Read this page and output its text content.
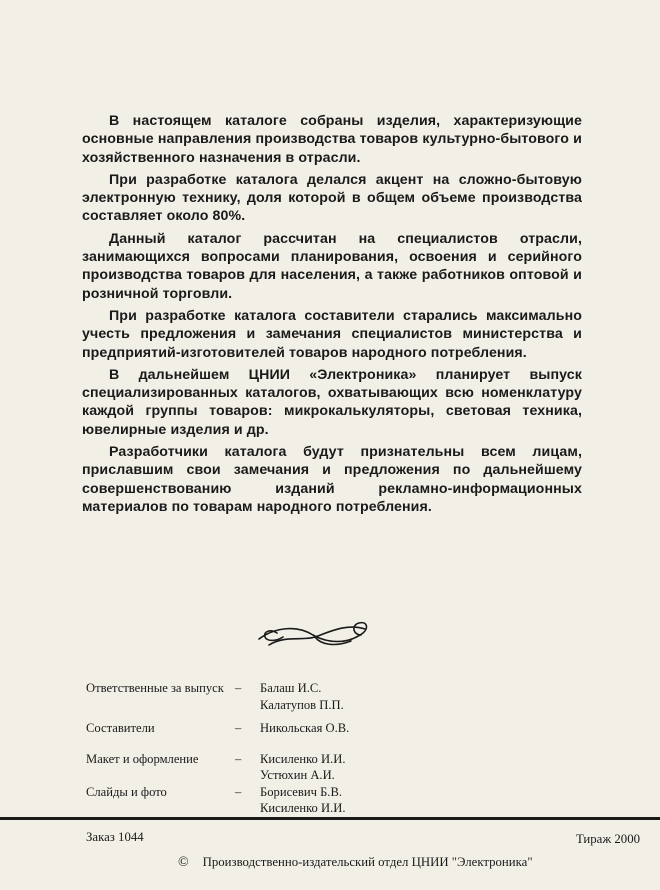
В настоящем каталоге собраны изделия, характеризующие основные направления производства товаров культурно-бытового и хозяйственного назначения в отрасли.

При разработке каталога делался акцент на сложно-бытовую электронную технику, доля которой в общем объеме производства составляет около 80%.

Данный каталог рассчитан на специалистов отрасли, занимающихся вопросами планирования, освоения и серийного производства товаров для населения, а также работников оптовой и розничной торговли.

При разработке каталога составители старались максимально учесть предложения и замечания специалистов министерства и предприятий-изготовителей товаров народного потребления.

В дальнейшем ЦНИИ «Электроника» планирует выпуск специализированных каталогов, охватывающих всю номенклатуру каждой группы товаров: микрокалькуляторы, световая техника, ювелирные изделия и др.

Разработчики каталога будут признательны всем лицам, приславшим свои замечания и предложения по дальнейшему совершенствованию изданий рекламно-информационных материалов по товарам народного потребления.

Ответственные за выпуск – Балаш И.С.
Калатупов П.П.
Составители	– Никольская О.В.
Макет и оформление	– Кисиленко И.И.
Устюхин А.И.
Слайды и фото	– Борисевич Б.В.
Кисиленко И.И.
Заказ 1044	Тираж 2000
© Производственно-издательский отдел ЦНИИ "Электроника"
